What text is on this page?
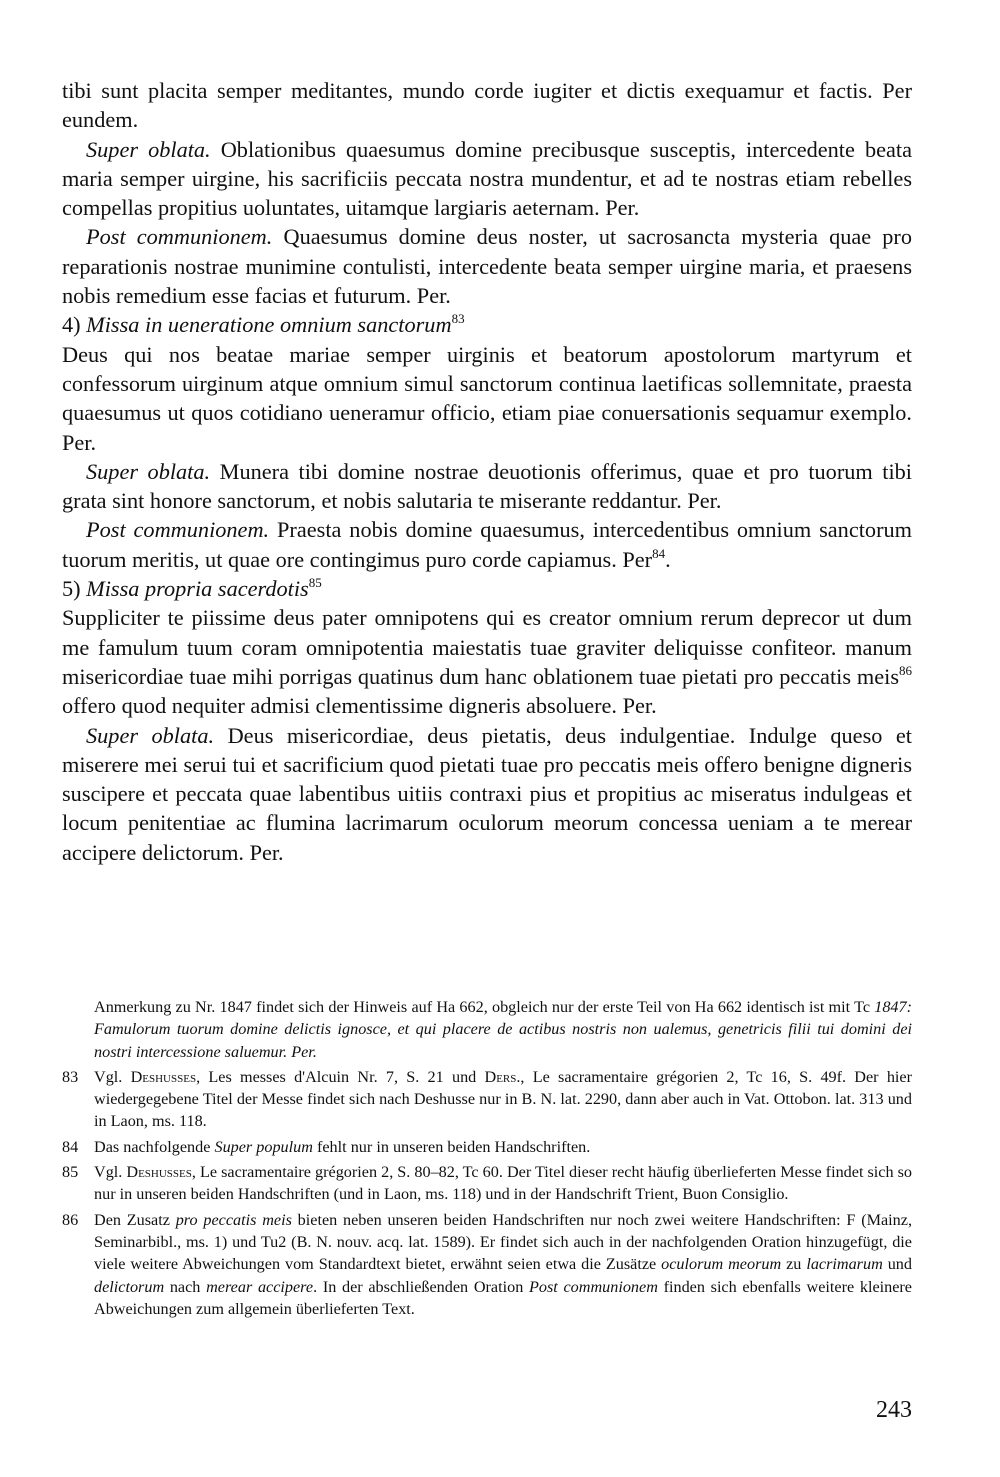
tibi sunt placita semper meditantes, mundo corde iugiter et dictis exequamur et factis. Per eundem.

Super oblata. Oblationibus quaesumus domine precibusque susceptis, intercedente beata maria semper uirgine, his sacrificiis peccata nostra mundentur, et ad te nostras etiam rebelles compellas propitius uoluntates, uitamque largiaris aeternam. Per.

Post communionem. Quaesumus domine deus noster, ut sacrosancta mysteria quae pro reparationis nostrae munimine contulisti, intercedente beata semper uirgine maria, et praesens nobis remedium esse facias et futurum. Per.

4) Missa in ueneratione omnium sanctorum$^{83}$

Deus qui nos beatae mariae semper uirginis et beatorum apostolorum martyrum et confessorum uirginum atque omnium simul sanctorum continua laetificas sollemnitate, praesta quaesumus ut quos cotidiano ueneramur officio, etiam piae conuersationis sequamur exemplo. Per.

Super oblata. Munera tibi domine nostrae deuotionis offerimus, quae et pro tuorum tibi grata sint honore sanctorum, et nobis salutaria te miserante reddantur. Per.

Post communionem. Praesta nobis domine quaesumus, intercedentibus omnium sanctorum tuorum meritis, ut quae ore contingimus puro corde capiamus. Per$^{84}$.

5) Missa propria sacerdotis$^{85}$

Suppliciter te piissime deus pater omnipotens qui es creator omnium rerum deprecor ut dum me famulum tuum coram omnipotentia maiestatis tuae graviter deliquisse confiteor. manum misericordiae tuae mihi porrigas quatinus dum hanc oblationem tuae pietati pro peccatis meis$^{86}$ offero quod nequiter admisi clementissime digneris absoluere. Per.

Super oblata. Deus misericordiae, deus pietatis, deus indulgentiae. Indulge queso et miserere mei serui tui et sacrificium quod pietati tuae pro peccatis meis offero benigne digneris suscipere et peccata quae labentibus uitiis contraxi pius et propitius ac miseratus indulgeas et locum penitentiae ac flumina lacrimarum oculorum meorum concessa ueniam a te merear accipere delictorum. Per.

Anmerkung zu Nr. 1847 findet sich der Hinweis auf Ha 662, obgleich nur der erste Teil von Ha 662 identisch ist mit Tc 1847: Famulorum tuorum domine delictis ignosce, et qui placere de actibus nostris non ualemus, genetricis filii tui domini dei nostri intercessione saluemur. Per.

83 Vgl. Deshusses, Les messes d'Alcuin Nr. 7, S. 21 und Ders., Le sacramentaire grégorien 2, Tc 16, S. 49f. Der hier wiedergegebene Titel der Messe findet sich nach Deshusse nur in B. N. lat. 2290, dann aber auch in Vat. Ottobon. lat. 313 und in Laon, ms. 118.

84 Das nachfolgende Super populum fehlt nur in unseren beiden Handschriften.

85 Vgl. Deshusses, Le sacramentaire grégorien 2, S. 80–82, Tc 60. Der Titel dieser recht häufig überlieferten Messe findet sich so nur in unseren beiden Handschriften (und in Laon, ms. 118) und in der Handschrift Trient, Buon Consiglio.

86 Den Zusatz pro peccatis meis bieten neben unseren beiden Handschriften nur noch zwei weitere Handschriften: F (Mainz, Seminarbibl., ms. 1) und Tu2 (B. N. nouv. acq. lat. 1589). Er findet sich auch in der nachfolgenden Oration hinzugefügt, die viele weitere Abweichungen vom Standardtext bietet, erwähnt seien etwa die Zusätze oculorum meorum zu lacrimarum und delictorum nach merear accipere. In der abschließenden Oration Post communionem finden sich ebenfalls weitere kleinere Abweichungen zum allgemein überlieferten Text.

243
